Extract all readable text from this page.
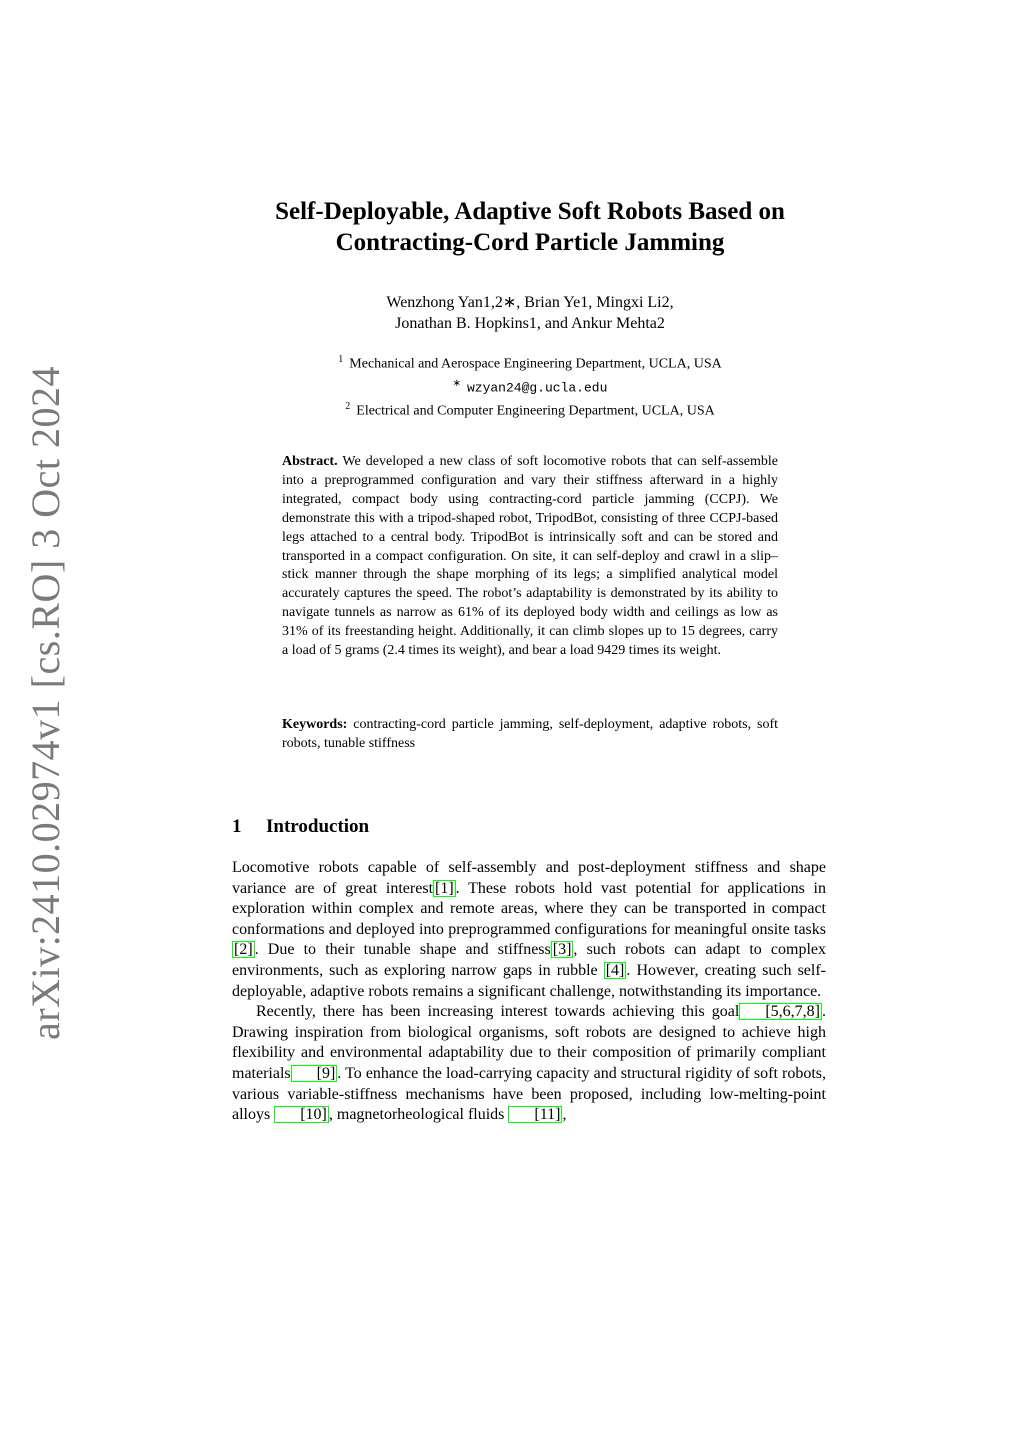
arXiv:2410.02974v1 [cs.RO] 3 Oct 2024
Self-Deployable, Adaptive Soft Robots Based on
Contracting-Cord Particle Jamming
Wenzhong Yan1,2∗, Brian Ye1, Mingxi Li2,
Jonathan B. Hopkins1, and Ankur Mehta2
$^1$ Mechanical and Aerospace Engineering Department, UCLA, USA
∗ wzyan24@g.ucla.edu
$^2$ Electrical and Computer Engineering Department, UCLA, USA
Abstract. We developed a new class of soft locomotive robots that can self-assemble into a preprogrammed configuration and vary their stiffness afterward in a highly integrated, compact body using contracting-cord particle jamming (CCPJ). We demonstrate this with a tripod-shaped robot, TripodBot, consisting of three CCPJ-based legs attached to a central body. TripodBot is intrinsically soft and can be stored and transported in a compact configuration. On site, it can self-deploy and crawl in a slip–stick manner through the shape morphing of its legs; a simplified analytical model accurately captures the speed. The robot’s adaptability is demonstrated by its ability to navigate tunnels as narrow as 61% of its deployed body width and ceilings as low as 31% of its freestanding height. Additionally, it can climb slopes up to 15 degrees, carry a load of 5 grams (2.4 times its weight), and bear a load 9429 times its weight.
Keywords: contracting-cord particle jamming, self-deployment, adaptive robots, soft robots, tunable stiffness
1 Introduction

Locomotive robots capable of self-assembly and post-deployment stiffness and shape variance are of great interest [1] . These robots hold vast potential for applications in exploration within complex and remote areas, where they can be transported in compact conformations and deployed into preprogrammed configurations for meaningful onsite tasks[2] . Due to their tunable shape and stiffness [3] , such robots can adapt to complex environments, such as exploring narrow gaps in rubble [4] . However, creating such self-deployable, adaptive robots remains a significant challenge, notwithstanding its importance.

Recently, there has been increasing interest towards achieving this goal [5,6,7,8] . Drawing inspiration from biological organisms, soft robots are designed to achieve high flexibility and environmental adaptability due to their composition of primarily compliant materials [9] . To enhance the load-carrying capacity and structural rigidity of soft robots, various variable-stiffness mechanisms have been proposed, including low-melting-point alloys [10] , magnetorheological fluids [11] ,
